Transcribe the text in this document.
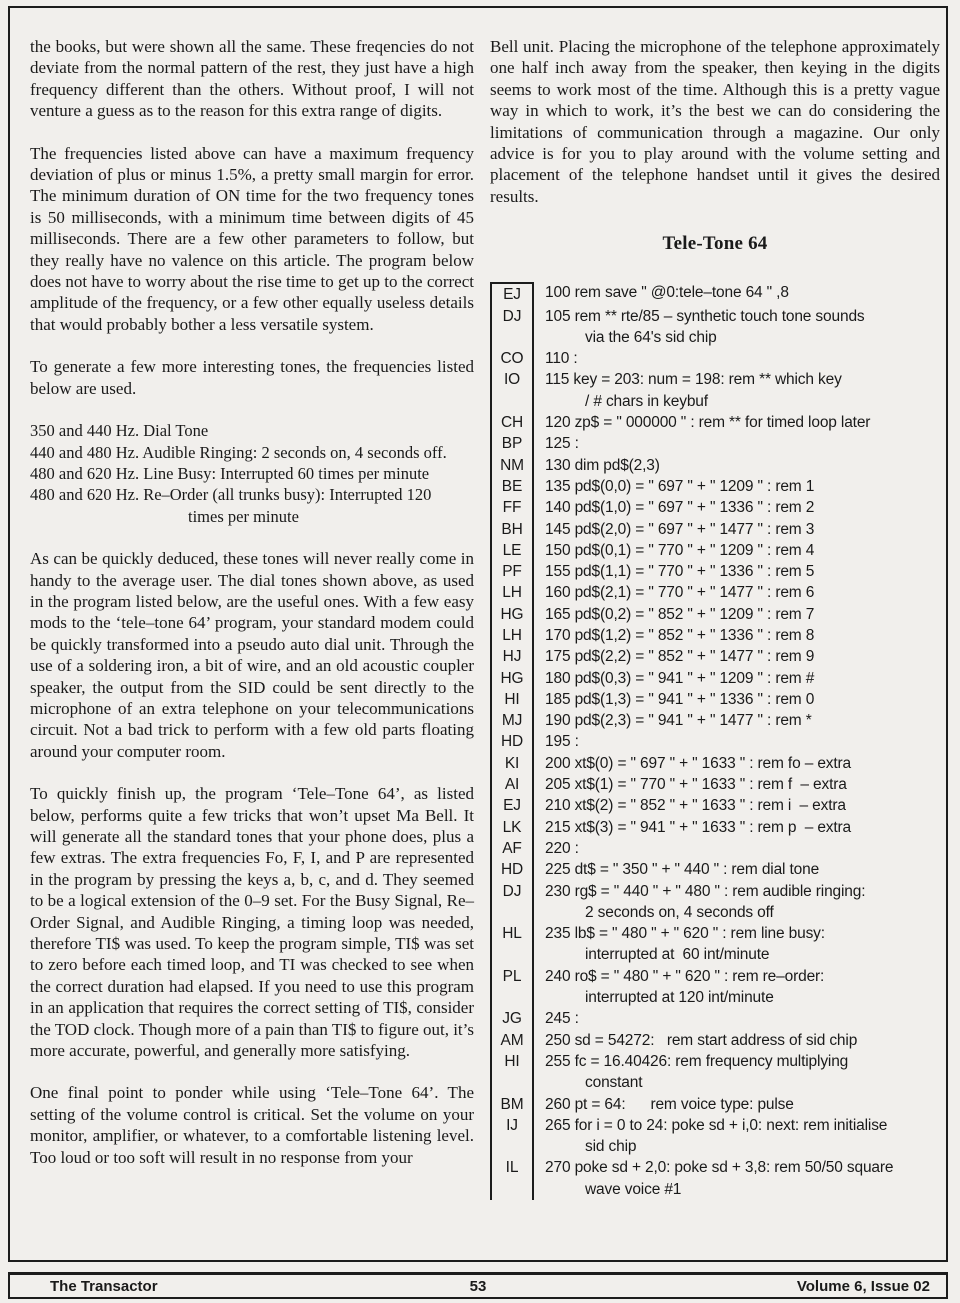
the books, but were shown all the same. These freqencies do not deviate from the normal pattern of the rest, they just have a high frequency different than the others. Without proof, I will not venture a guess as to the reason for this extra range of digits.

The frequencies listed above can have a maximum frequency deviation of plus or minus 1.5%, a pretty small margin for error. The minimum duration of ON time for the two frequency tones is 50 milliseconds, with a minimum time between digits of 45 milliseconds. There are a few other parameters to follow, but they really have no valence on this article. The program below does not have to worry about the rise time to get up to the correct amplitude of the frequency, or a few other equally useless details that would probably bother a less versatile system.

To generate a few more interesting tones, the frequencies listed below are used.

350 and 440 Hz. Dial Tone
440 and 480 Hz. Audible Ringing: 2 seconds on, 4 seconds off.
480 and 620 Hz. Line Busy: Interrupted 60 times per minute
480 and 620 Hz. Re–Order (all trunks busy): Interrupted 120
times per minute

As can be quickly deduced, these tones will never really come in handy to the average user. The dial tones shown above, as used in the program listed below, are the useful ones. With a few easy mods to the ‘tele–tone 64’ program, your standard modem could be quickly transformed into a pseudo auto dial unit. Through the use of a soldering iron, a bit of wire, and an old acoustic coupler speaker, the output from the SID could be sent directly to the microphone of an extra telephone on your telecommunications circuit. Not a bad trick to perform with a few old parts floating around your computer room.

To quickly finish up, the program ‘Tele–Tone 64’, as listed below, performs quite a few tricks that won’t upset Ma Bell. It will generate all the standard tones that your phone does, plus a few extras. The extra frequencies Fo, F, I, and P are represented in the program by pressing the keys a, b, c, and d. They seemed to be a logical extension of the 0–9 set. For the Busy Signal, Re–Order Signal, and Audible Ringing, a timing loop was needed, therefore TI$ was used. To keep the program simple, TI$ was set to zero before each timed loop, and TI was checked to see when the correct duration had elapsed. If you need to use this program in an application that requires the correct setting of TI$, consider the TOD clock. Though more of a pain than TI$ to figure out, it’s more accurate, powerful, and generally more satisfying.

One final point to ponder while using ‘Tele–Tone 64’. The setting of the volume control is critical. Set the volume on your monitor, amplifier, or whatever, to a comfortable listening level. Too loud or too soft will result in no response from your

Bell unit. Placing the microphone of the telephone approximately one half inch away from the speaker, then keying in the digits seems to work most of the time. Although this is a pretty vague way in which to work, it’s the best we can do considering the limitations of communication through a magazine. Our only advice is for you to play around with the volume setting and placement of the telephone handset until it gives the desired results.

Tele-Tone 64
EJ	100 rem save " @0:tele–tone 64 " ,8
DJ	105 rem ** rte/85 – synthetic touch tone sounds
via the 64's sid chip
CO	110 :
IO	115 key = 203: num = 198: rem ** which key
/ # chars in keybuf
CH	120 zp$ = " 000000 " : rem ** for timed loop later
BP	125 :
NM	130 dim pd$(2,3)
BE	135 pd$(0,0) = " 697 " + " 1209 " : rem 1
FF	140 pd$(1,0) = " 697 " + " 1336 " : rem 2
BH	145 pd$(2,0) = " 697 " + " 1477 " : rem 3
LE	150 pd$(0,1) = " 770 " + " 1209 " : rem 4
PF	155 pd$(1,1) = " 770 " + " 1336 " : rem 5
LH	160 pd$(2,1) = " 770 " + " 1477 " : rem 6
HG	165 pd$(0,2) = " 852 " + " 1209 " : rem 7
LH	170 pd$(1,2) = " 852 " + " 1336 " : rem 8
HJ	175 pd$(2,2) = " 852 " + " 1477 " : rem 9
HG	180 pd$(0,3) = " 941 " + " 1209 " : rem #
HI	185 pd$(1,3) = " 941 " + " 1336 " : rem 0
MJ	190 pd$(2,3) = " 941 " + " 1477 " : rem *
HD	195 :
KI	200 xt$(0) = " 697 " + " 1633 " : rem fo – extra
AI	205 xt$(1) = " 770 " + " 1633 " : rem f  – extra
EJ	210 xt$(2) = " 852 " + " 1633 " : rem i  – extra
LK	215 xt$(3) = " 941 " + " 1633 " : rem p  – extra
AF	220 :
HD	225 dt$ = " 350 " + " 440 " : rem dial tone
DJ	230 rg$ = " 440 " + " 480 " : rem audible ringing:
2 seconds on, 4 seconds off
HL	235 lb$ = " 480 " + " 620 " : rem line busy:
interrupted at  60 int/minute
PL	240 ro$ = " 480 " + " 620 " : rem re–order:
interrupted at 120 int/minute
JG	245 :
AM	250 sd = 54272:   rem start address of sid chip
HI	255 fc = 16.40426: rem frequency multiplying
constant
BM	260 pt = 64:      rem voice type: pulse
IJ	265 for i = 0 to 24: poke sd + i,0: next: rem initialise
sid chip
IL	270 poke sd + 2,0: poke sd + 3,8: rem 50/50 square
wave voice #1
The Transactor	53	Volume 6, Issue 02
